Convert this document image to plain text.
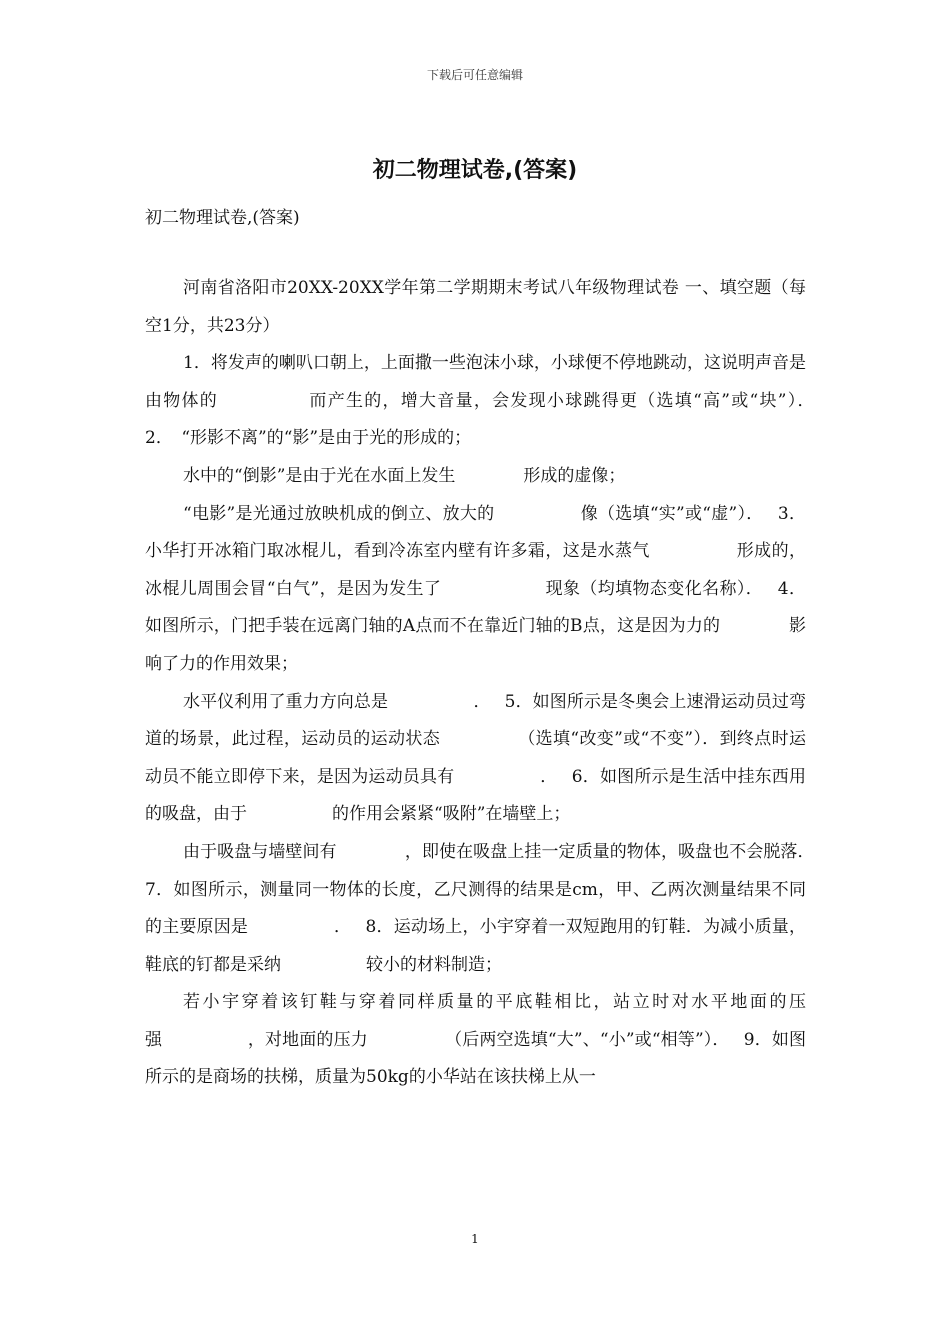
下载后可任意编辑
初二物理试卷,(答案)
初二物理试卷,(答案)

河南省洛阳市20XX-20XX学年第二学期期末考试八年级物理试卷 一、填空题（每空1分，共23分）

1．将发声的喇叭口朝上，上面撒一些泡沫小球，小球便不停地跳动，这说明声音是由物体的　　　　　而产生的，增大音量，会发现小球跳得更（选填“高”或“块”）．　 2．　“形影不离”的“影”是由于光的形成的；

水中的“倒影”是由于光在水面上发生　　　　形成的虚像；

“电影”是光通过放映机成的倒立、放大的　　　　　像（选填“实”或“虚”）．　 3．小华打开冰箱门取冰棍儿，看到冷冻室内壁有许多霜，这是水蒸气　　　　　形成的，冰棍儿周围会冒“白气”，是因为发生了　　　　　　现象（均填物态变化名称）．　 4．如图所示，门把手装在远离门轴的A点而不在靠近门轴的B点，这是因为力的　　　　影响了力的作用效果；

水平仪利用了重力方向总是　　　　　．　 5．如图所示是冬奥会上速滑运动员过弯道的场景，此过程，运动员的运动状态　　　　　（选填“改变”或“不变”）．到终点时运动员不能立即停下来，是因为运动员具有　　　　　．　 6．如图所示是生活中挂东西用的吸盘，由于　　　　　的作用会紧紧“吸附”在墙壁上；

由于吸盘与墙壁间有　　　　，即使在吸盘上挂一定质量的物体，吸盘也不会脱落．　 7．如图所示，测量同一物体的长度，乙尺测得的结果是cm，甲、乙两次测量结果不同的主要原因是　　　　　．　 8．运动场上，小宇穿着一双短跑用的钉鞋．为减小质量，鞋底的钉都是采纳　　　　　较小的材料制造；

若小宇穿着该钉鞋与穿着同样质量的平底鞋相比，站立时对水平地面的压强　　　　　，对地面的压力　　　　　（后两空选填“大”、“小”或“相等”）．　 9．如图所示的是商场的扶梯，质量为50kg的小华站在该扶梯上从一

1
